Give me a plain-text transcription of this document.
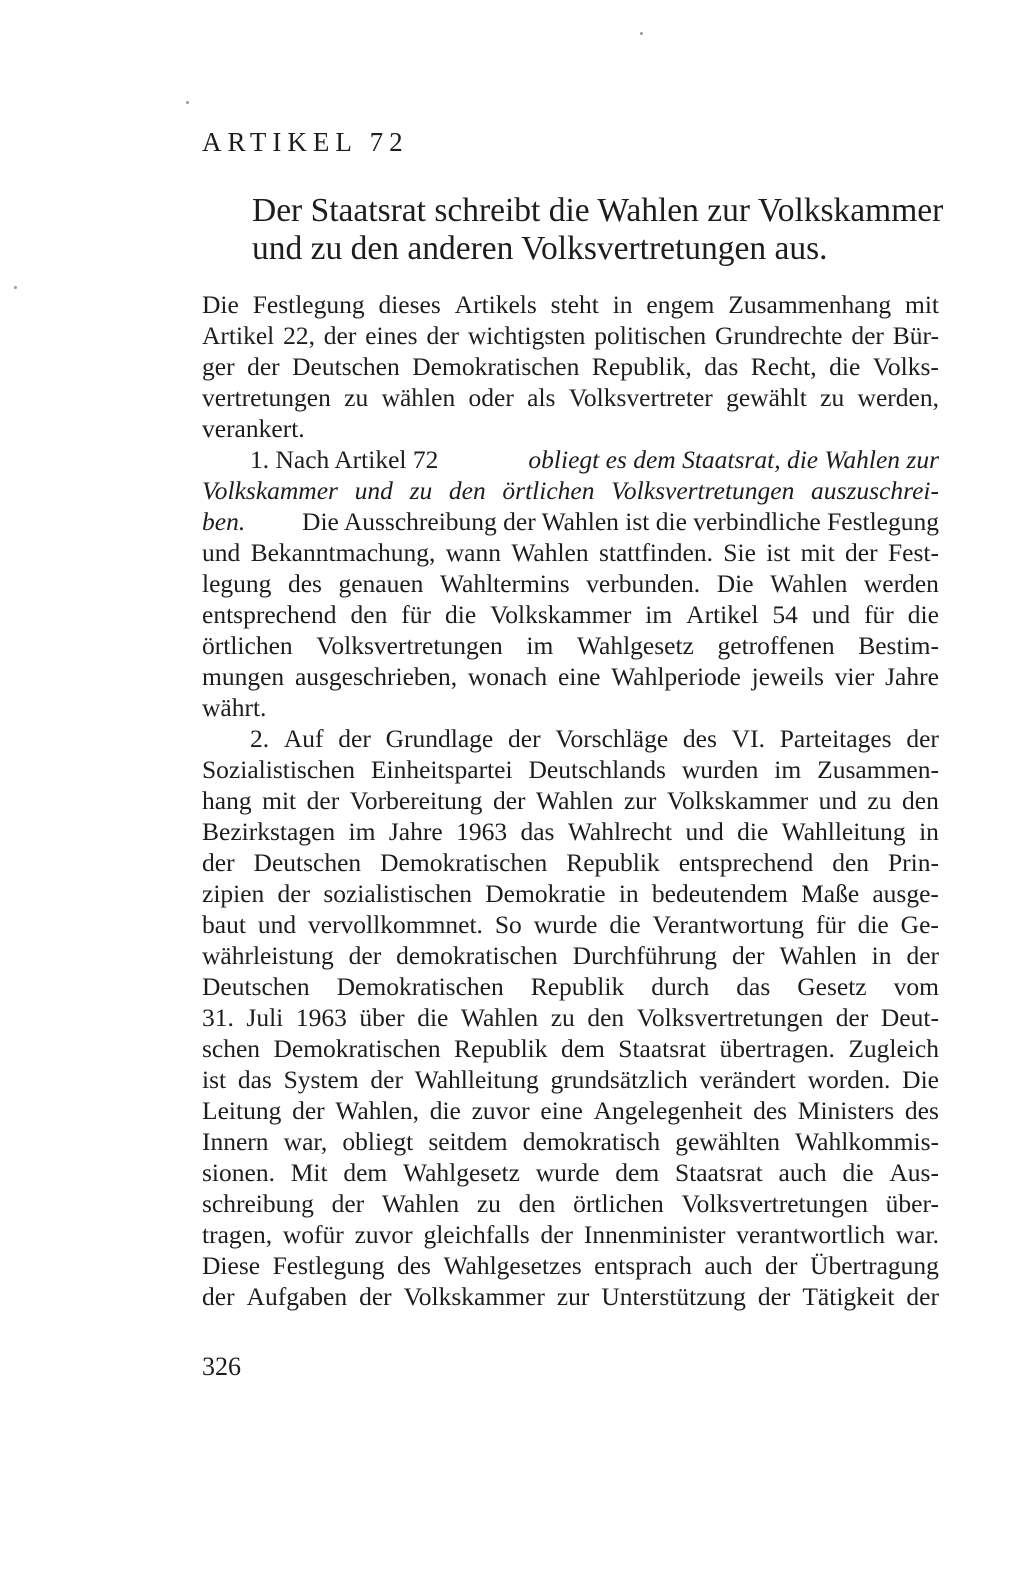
ARTIKEL 72
Der Staatsrat schreibt die Wahlen zur Volkskammer
und zu den anderen Volksvertretungen aus.
Die Festlegung dieses Artikels steht in engem Zusammenhang mit
Artikel 22, der eines der wichtigsten politischen Grundrechte der Bür-
ger der Deutschen Demokratischen Republik, das Recht, die Volks-
vertretungen zu wählen oder als Volksvertreter gewählt zu werden,
verankert.
1. Nach Artikel 72	obliegt es dem Staatsrat, die Wahlen zur
Volkskammer und zu den örtlichen Volksvertretungen auszuschrei-
ben. Die Ausschreibung der Wahlen ist die verbindliche Festlegung
und Bekanntmachung, wann Wahlen stattfinden. Sie ist mit der Fest-
legung des genauen Wahltermins verbunden. Die Wahlen werden
entsprechend den für die Volkskammer im Artikel 54 und für die
örtlichen Volksvertretungen im Wahlgesetz getroffenen Bestim-
mungen ausgeschrieben, wonach eine Wahlperiode jeweils vier Jahre
währt.
2. Auf der Grundlage der Vorschläge des VI. Parteitages der
Sozialistischen Einheitspartei Deutschlands wurden im Zusammen-
hang mit der Vorbereitung der Wahlen zur Volkskammer und zu den
Bezirkstagen im Jahre 1963 das Wahlrecht und die Wahlleitung in
der Deutschen Demokratischen Republik entsprechend den Prin-
zipien der sozialistischen Demokratie in bedeutendem Maße ausge-
baut und vervollkommnet. So wurde die Verantwortung für die Ge-
währleistung der demokratischen Durchführung der Wahlen in der
Deutschen Demokratischen Republik durch das Gesetz vom
31. Juli 1963 über die Wahlen zu den Volksvertretungen der Deut-
schen Demokratischen Republik dem Staatsrat übertragen. Zugleich
ist das System der Wahlleitung grundsätzlich verändert worden. Die
Leitung der Wahlen, die zuvor eine Angelegenheit des Ministers des
Innern war, obliegt seitdem demokratisch gewählten Wahlkommis-
sionen. Mit dem Wahlgesetz wurde dem Staatsrat auch die Aus-
schreibung der Wahlen zu den örtlichen Volksvertretungen über-
tragen, wofür zuvor gleichfalls der Innenminister verantwortlich war.
Diese Festlegung des Wahlgesetzes entsprach auch der Übertragung
der Aufgaben der Volkskammer zur Unterstützung der Tätigkeit der
326
